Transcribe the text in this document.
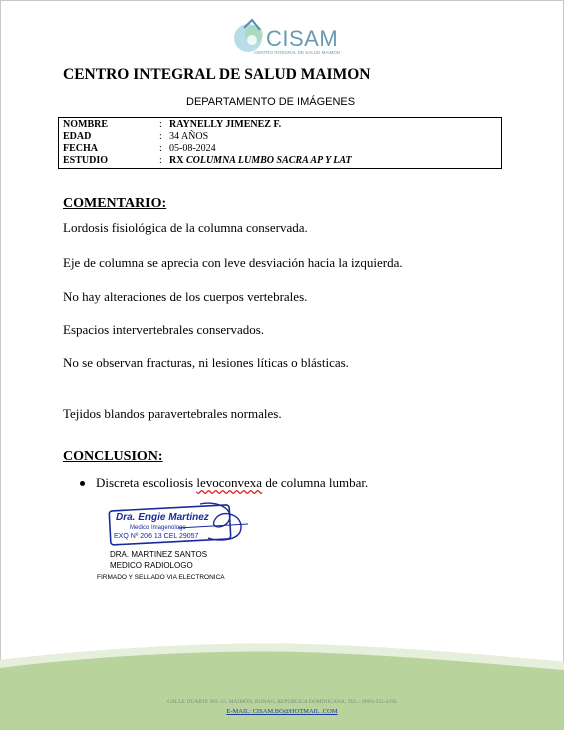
CISAM
CENTRO INTEGRAL DE SALUD MAIMON
CENTRO INTEGRAL DE SALUD MAIMON
DEPARTAMENTO DE IMÁGENES
NOMBRE	: RAYNELLY JIMENEZ F.
EDAD	: 34 AÑOS
FECHA	: 05-08-2024
ESTUDIO	: RX COLUMNA LUMBO SACRA AP Y LAT
COMENTARIO:
Lordosis fisiológica de la columna conservada.
Eje de columna se aprecia con leve desviación hacia la izquierda.
No hay alteraciones de los cuerpos vertebrales.
Espacios intervertebrales conservados.
No se observan fracturas, ni lesiones líticas o blásticas.
Tejidos blandos paravertebrales normales.
CONCLUSION:
Discreta escoliosis levoconvexa de columna lumbar.
Dra. Engie Martinez
Medico Imagenologo
EXQ Nº 206 13 CEL 29057
DRA. MARTINEZ SANTOS
MEDICO RADIOLOGO
FIRMADO Y SELLADO VIA ELECTRONICA
CALLE DUARTE NO. 15, MAIMÓN, BONAO, REPUBLICA DOMINICANA, TEL.: (809)-551-2196
E-MAIL: CISAM.BO@HOTMAIL .COM
